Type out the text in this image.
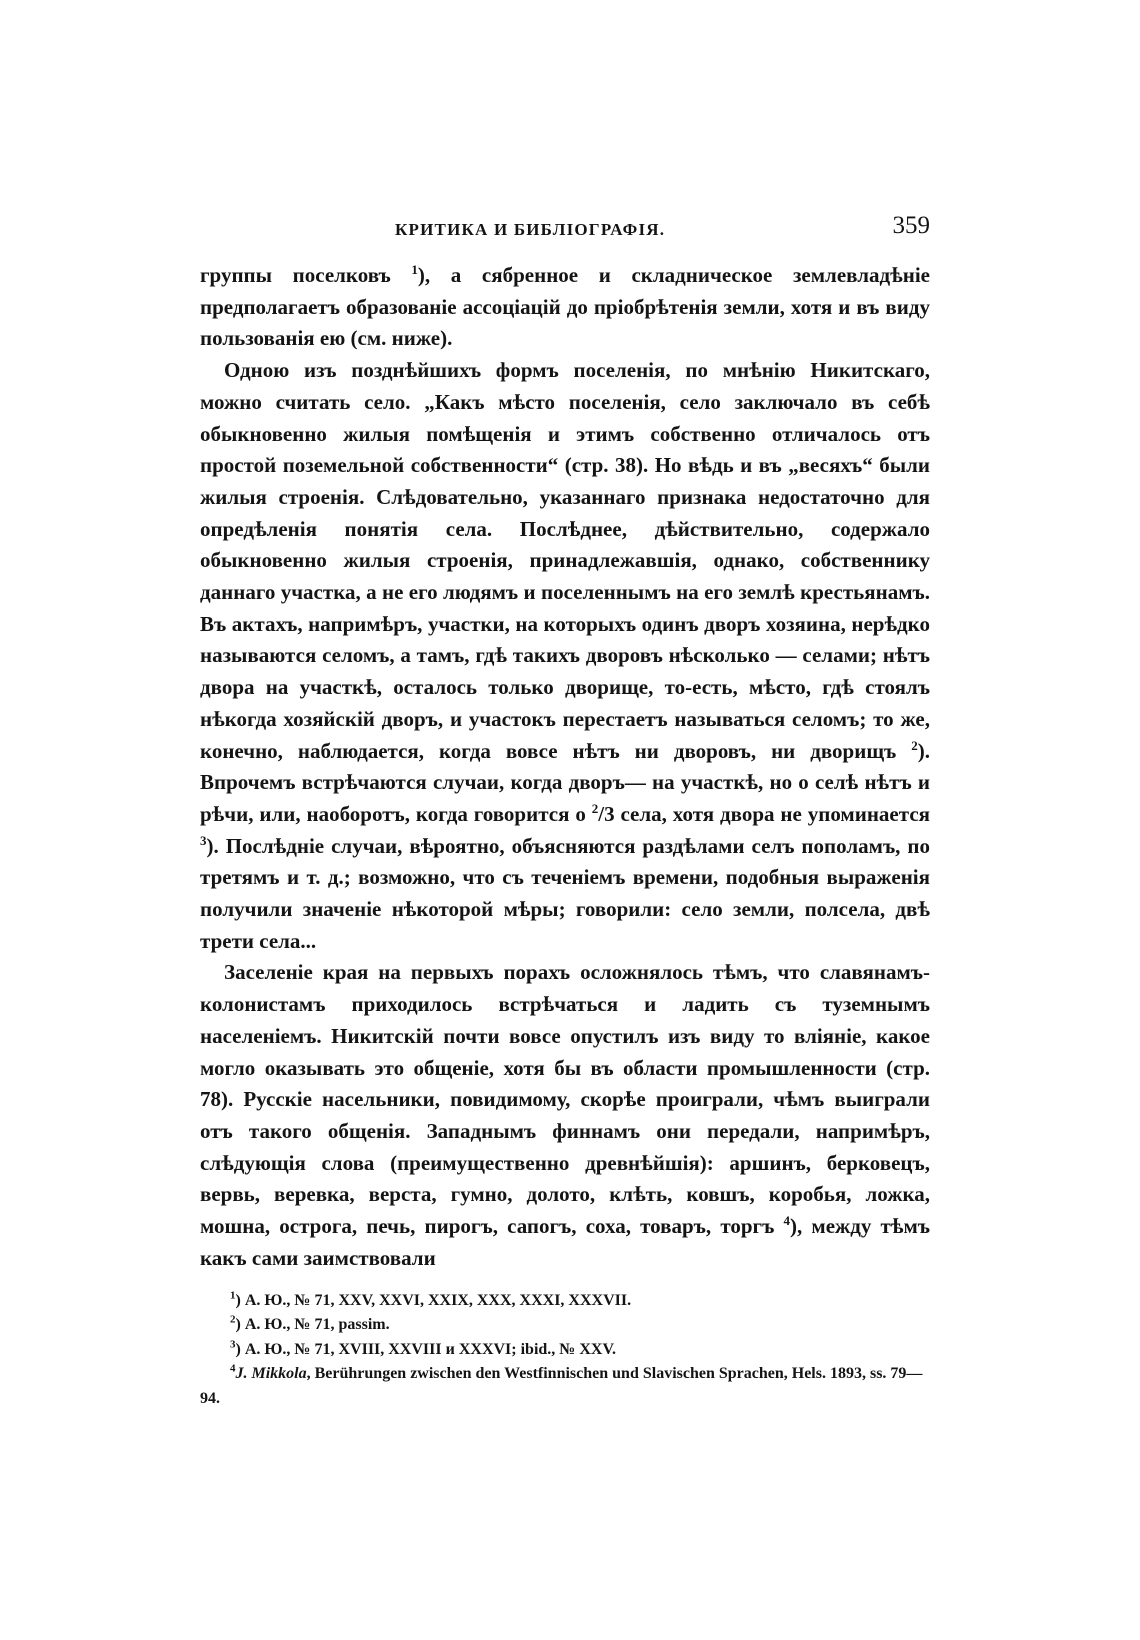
КРИТИКА И БИБЛІОГРАФІЯ.	359

группы поселковъ $^1$), а сябренное и складническое землевладѣніе предполагаетъ образованіе ассоціацій до пріобрѣтенія земли, хотя и въ виду пользованія ею (см. ниже).

Одною изъ позднѣйшихъ формъ поселенія, по мнѣнію Никитскаго, можно считать село. „Какъ мѣсто поселенія, село заключало въ себѣ обыкновенно жилыя помѣщенія и этимъ собственно отличалось отъ простой поземельной собственности“ (стр. 38). Но вѣдь и въ „весяхъ“ были жилыя строенія. Слѣдовательно, указаннаго признака недостаточно для опредѣленія понятія села. Послѣднее, дѣйствительно, содержало обыкновенно жилыя строенія, принадлежавшія, однако, собственнику даннаго участка, а не его людямъ и поселеннымъ на его землѣ крестьянамъ. Въ актахъ, напримѣръ, участки, на которыхъ одинъ дворъ хозяина, нерѣдко называются селомъ, а тамъ, гдѣ такихъ дворовъ нѣсколько — селами; нѣтъ двора на участкѣ, осталось только дворище, то-есть, мѣсто, гдѣ стоялъ нѣкогда хозяйскій дворъ, и участокъ перестаетъ называться селомъ; то же, конечно, наблюдается, когда вовсе нѣтъ ни дворовъ, ни дворищъ $^2$). Впрочемъ встрѣчаются случаи, когда дворъ— на участкѣ, но о селѣ нѣтъ и рѣчи, или, наоборотъ, когда говорится о $^2$/3 села, хотя двора не упоминается $^3$). Послѣдніе случаи, вѣроятно, объясняются раздѣлами селъ пополамъ, по третямъ и т. д.; возможно, что съ теченіемъ времени, подобныя выраженія получили значеніе нѣкоторой мѣры; говорили: село земли, полсела, двѣ трети села...

Заселеніе края на первыхъ порахъ осложнялось тѣмъ, что славянамъ-колонистамъ приходилось встрѣчаться и ладить съ туземнымъ населеніемъ. Никитскій почти вовсе опустилъ изъ виду то вліяніе, какое могло оказывать это общеніе, хотя бы въ области промышленности (стр. 78). Русскіе насельники, повидимому, скорѣе проиграли, чѣмъ выиграли отъ такого общенія. Западнымъ финнамъ они передали, напримѣръ, слѣдующія слова (преимущественно древнѣйшія): аршинъ, берковецъ, вервь, веревка, верста, гумно, долото, клѣть, ковшъ, коробья, ложка, мошна, острога, печь, пирогъ, сапогъ, соха, товаръ, торгъ $^4$), между тѣмъ какъ сами заимствовали

$^1$) А. Ю., № 71, XXV, XXVI, XXIX, XXX, XXXI, XXXVII.
$^2$) А. Ю., № 71, passim.
$^3$) А. Ю., № 71, XVIII, XXVIII и XXXVI; ibid., № XXV.
$^4$J. Mikkola, Berührungen zwischen den Westfinnischen und Slavischen Sprachen, Hels. 1893, ss. 79—94.
